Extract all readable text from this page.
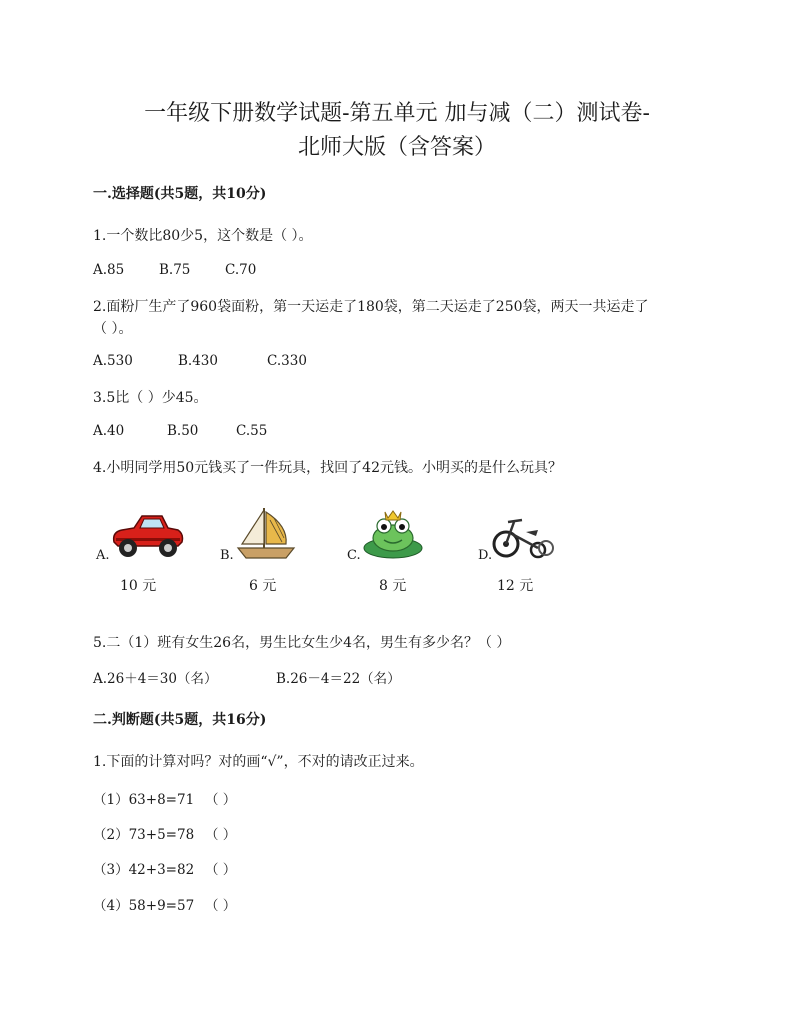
一年级下册数学试题-第五单元 加与减（二）测试卷-
北师大版（含答案）
一.选择题(共5题，共10分)
1.一个数比80少5，这个数是（ ）。
A.85	B.75	C.70
2.面粉厂生产了960袋面粉，第一天运走了180袋，第二天运走了250袋，两天一共运走了
（ ）。
A.530	B.430	C.330
3.5比（ ）少45。
A.40	B.50	C.55
4.小明同学用50元钱买了一件玩具，找回了42元钱。小明买的是什么玩具？
A.
10 元
B.
6 元
C.
8 元
D.
12 元
5.二（1）班有女生26名，男生比女生少4名，男生有多少名？（ ）
A.26＋4＝30（名）	B.26－4＝22（名）
二.判断题(共5题，共16分)
1.下面的计算对吗？对的画“√”，不对的请改正过来。
（1）63+8=71 （ ）
（2）73+5=78 （ ）
（3）42+3=82 （ ）
（4）58+9=57 （ ）
